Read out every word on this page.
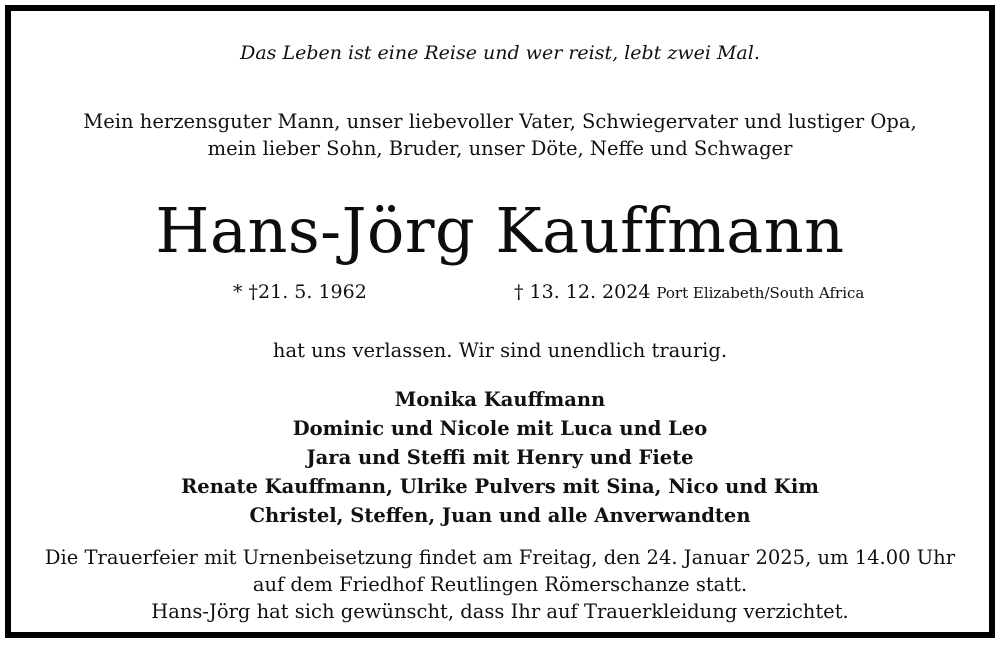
Das Leben ist eine Reise und wer reist, lebt zwei Mal.
Mein herzensguter Mann, unser liebevoller Vater, Schwiegervater und lustiger Opa,
mein lieber Sohn, Bruder, unser Döte, Neffe und Schwager
Hans-Jörg Kauffmann
* †21. 5. 1962	† 13. 12. 2024 Port Elizabeth/South Africa
hat uns verlassen. Wir sind unendlich traurig.
Monika Kauffmann
Dominic und Nicole mit Luca und Leo
Jara und Steffi mit Henry und Fiete
Renate Kauffmann, Ulrike Pulvers mit Sina, Nico und Kim
Christel, Steffen, Juan und alle Anverwandten
Die Trauerfeier mit Urnenbeisetzung findet am Freitag, den 24. Januar 2025, um 14.00 Uhr
auf dem Friedhof Reutlingen Römerschanze statt.
Hans-Jörg hat sich gewünscht, dass Ihr auf Trauerkleidung verzichtet.
